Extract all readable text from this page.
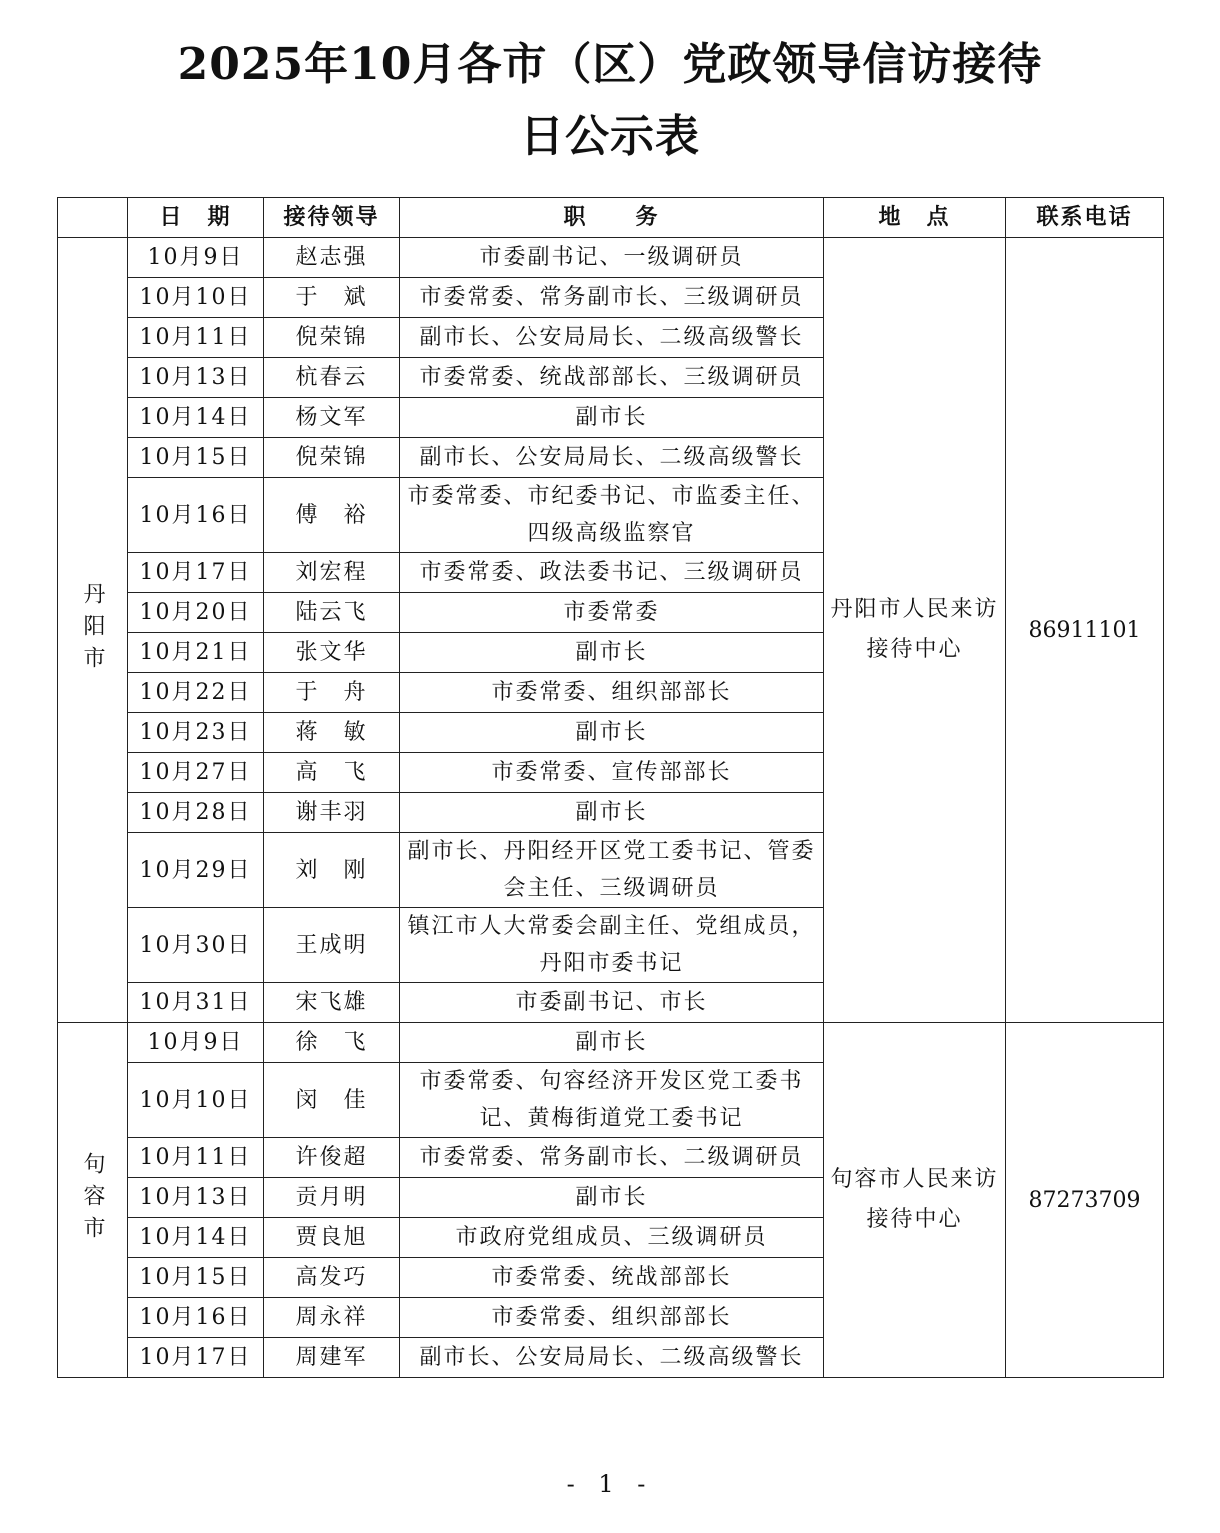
2025年10月各市（区）党政领导信访接待
日公示表
	日　期	接待领导	职　　务	地　点	联系电话
丹阳市	10月9日	赵志强	市委副书记、一级调研员	丹阳市人民来访接待中心	86911101
	10月10日	于　斌	市委常委、常务副市长、三级调研员		
	10月11日	倪荣锦	副市长、公安局局长、二级高级警长		
	10月13日	杭春云	市委常委、统战部部长、三级调研员		
	10月14日	杨文军	副市长		
	10月15日	倪荣锦	副市长、公安局局长、二级高级警长		
	10月16日	傅　裕	市委常委、市纪委书记、市监委主任、四级高级监察官		
	10月17日	刘宏程	市委常委、政法委书记、三级调研员		
	10月20日	陆云飞	市委常委		
	10月21日	张文华	副市长		
	10月22日	于　舟	市委常委、组织部部长		
	10月23日	蒋　敏	副市长		
	10月27日	高　飞	市委常委、宣传部部长		
	10月28日	谢丰羽	副市长		
	10月29日	刘　刚	副市长、丹阳经开区党工委书记、管委会主任、三级调研员		
	10月30日	王成明	镇江市人大常委会副主任、党组成员，丹阳市委书记		
	10月31日	宋飞雄	市委副书记、市长		
句容市	10月9日	徐　飞	副市长	句容市人民来访接待中心	87273709
	10月10日	闵　佳	市委常委、句容经济开发区党工委书记、黄梅街道党工委书记		
	10月11日	许俊超	市委常委、常务副市长、二级调研员		
	10月13日	贡月明	副市长		
	10月14日	贾良旭	市政府党组成员、三级调研员		
	10月15日	高发巧	市委常委、统战部部长		
	10月16日	周永祥	市委常委、组织部部长		
	10月17日	周建军	副市长、公安局局长、二级高级警长		
- 1 -
